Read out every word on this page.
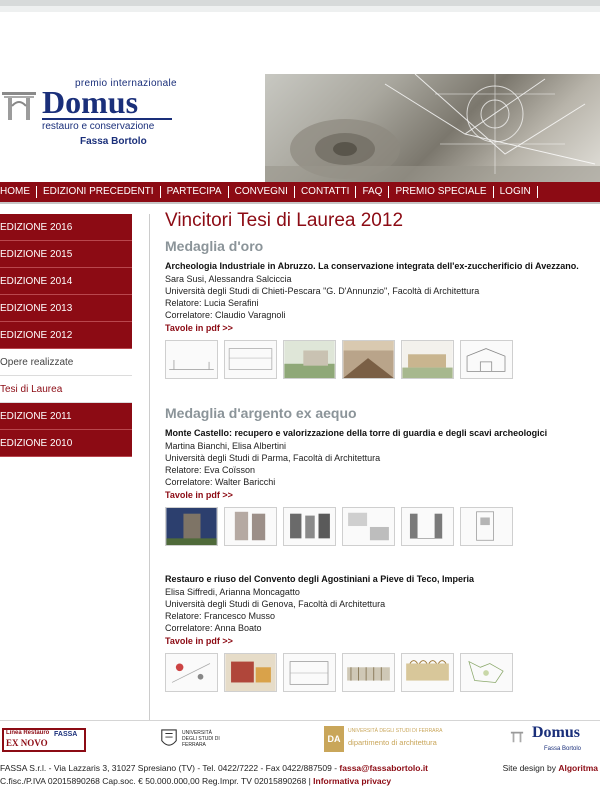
premio internazionale
Domus
restauro e conservazione
Fassa Bortolo
HOME	EDIZIONI PRECEDENTI	PARTECIPA	CONVEGNI	CONTATTI	FAQ	PREMIO SPECIALE	LOGIN
EDIZIONE 2016
EDIZIONE 2015
EDIZIONE 2014
EDIZIONE 2013
EDIZIONE 2012
Opere realizzate
Tesi di Laurea
EDIZIONE 2011
EDIZIONE 2010
Vincitori Tesi di Laurea 2012
Medaglia d'oro
Archeologia Industriale in Abruzzo. La conservazione integrata dell'ex-zuccherificio di Avezzano.
Sara Susi, Alessandra Salciccia
Università degli Studi di Chieti-Pescara "G. D'Annunzio", Facoltà di Architettura
Relatore: Lucia Serafini
Correlatore: Claudio Varagnoli
Tavole in pdf >>
Medaglia d'argento ex aequo
Monte Castello: recupero e valorizzazione della torre di guardia e degli scavi archeologici
Martina Bianchi, Elisa Albertini
Università degli Studi di Parma, Facoltà di Architettura
Relatore: Eva Coïsson
Correlatore: Walter Baricchi
Tavole in pdf >>
Restauro e riuso del Convento degli Agostiniani a Pieve di Teco, Imperia
Elisa Siffredi, Arianna Moncagatto
Università degli Studi di Genova, Facoltà di Architettura
Relatore: Francesco Musso
Correlatore: Anna Boato
Tavole in pdf >>
Linea Restauro
EX NOVO
FASSA	UNIVERSITÀ DEGLI STUDI DI FERRARA
DA
UNIVERSITÀ DEGLI STUDI DI FERRARA
dipartimento di architettura
Domus
Fassa Bortolo
FASSA S.r.l. - Via Lazzaris 3, 31027 Spresiano (TV) - Tel. 0422/7222 - Fax 0422/887509 - fassa@fassabortolo.it
C.fisc./P.IVA 02015890268 Cap.soc. € 50.000.000,00 Reg.Impr. TV 02015890268 | Informativa privacy
Site design by Algoritma
